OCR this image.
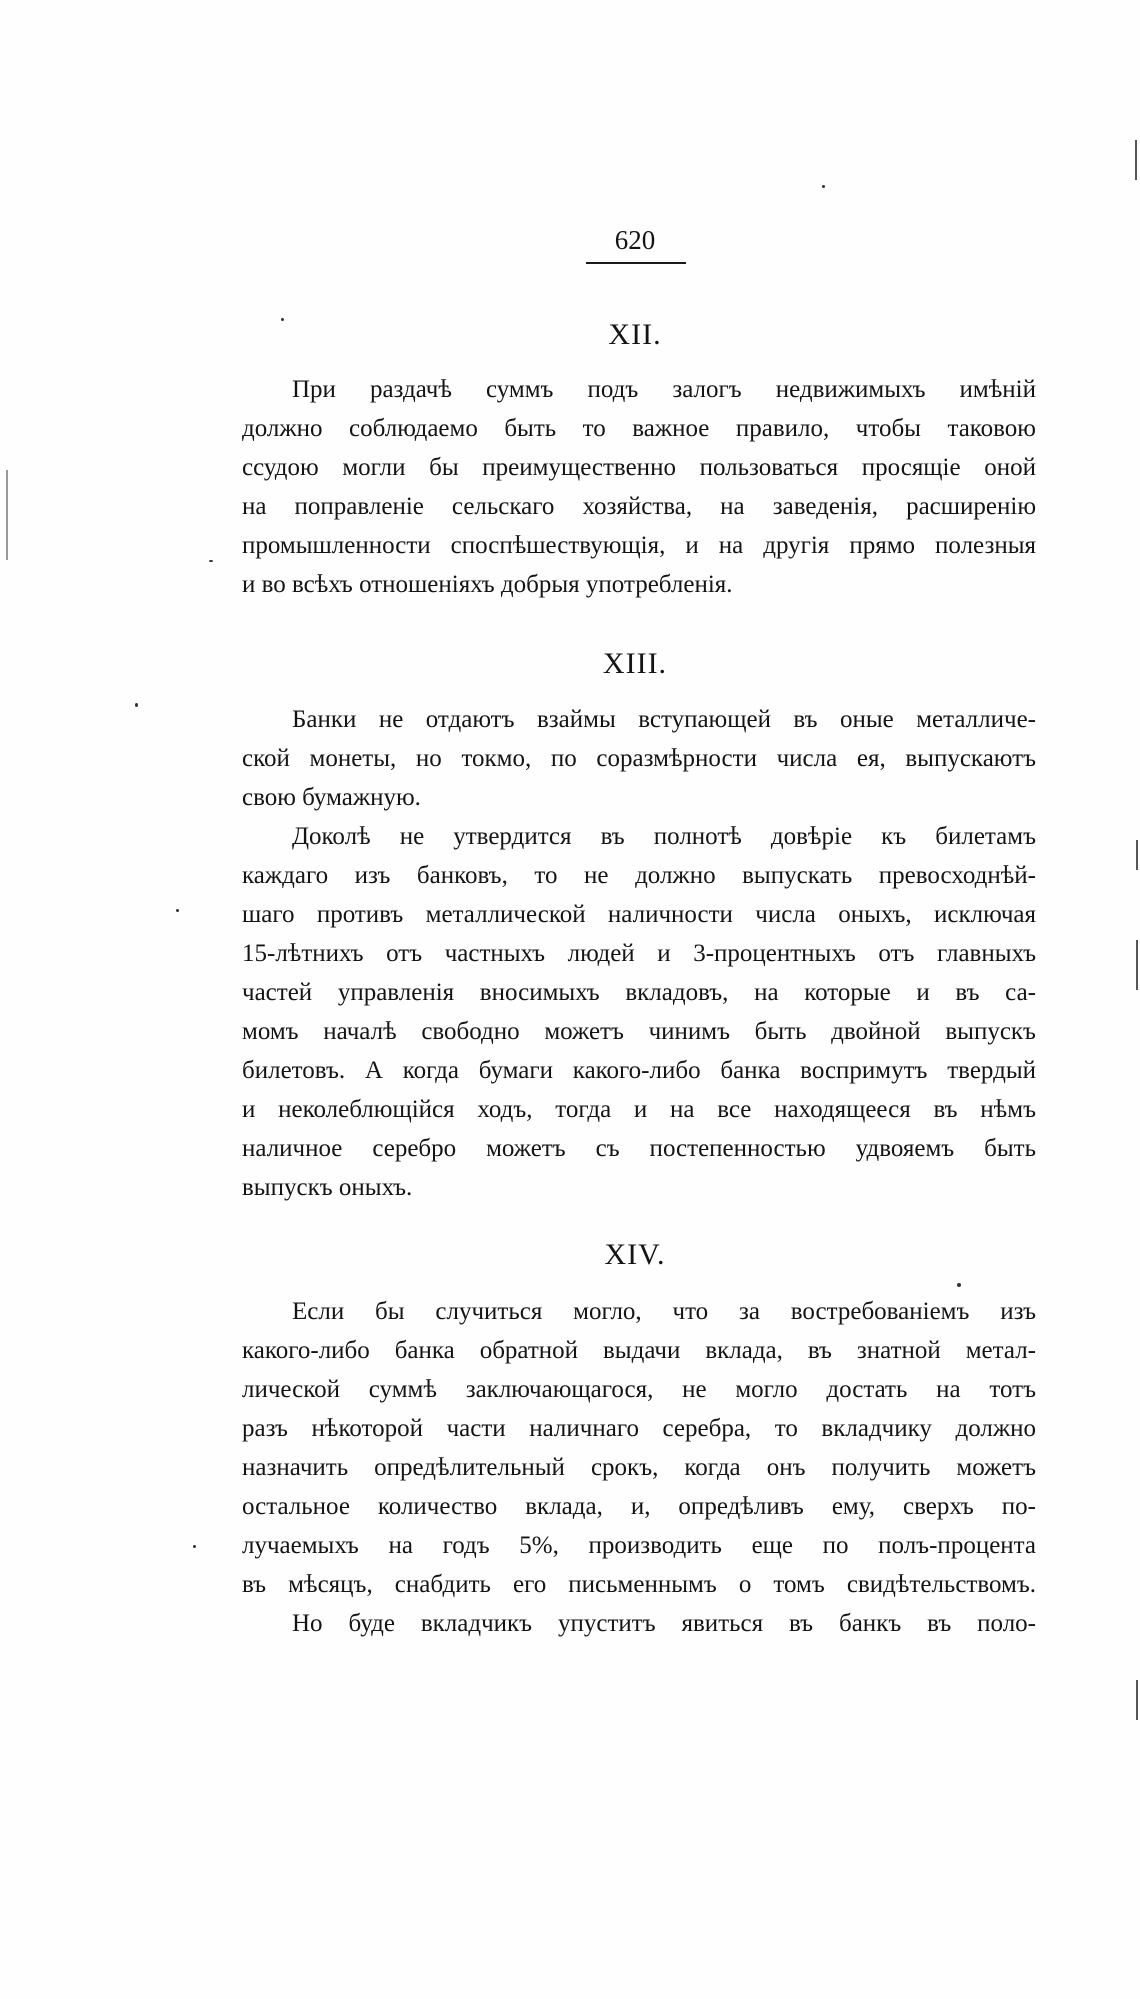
620
XII.

При раздачѣ суммъ подъ залогъ недвижимыхъ имѣній

должно соблюдаемо быть то важное правило, чтобы таковою

ссудою могли бы преимущественно пользоваться просящіе оной

на поправленіе сельскаго хозяйства, на заведенія, расширенію

промышленности споспѣшествующія, и на другія прямо полезныя

и во всѣхъ отношеніяхъ добрыя употребленія.

XIII.

Банки не отдаютъ взаймы вступающей въ оные металличе-

ской монеты, но токмо, по соразмѣрности числа ея, выпускаютъ

свою бумажную.

Доколѣ не утвердится въ полнотѣ довѣріе къ билетамъ

каждаго изъ банковъ, то не должно выпускать превосходнѣй-

шаго противъ металлической наличности числа оныхъ, исключая

15-лѣтнихъ отъ частныхъ людей и 3-процентныхъ отъ главныхъ

частей управленія вносимыхъ вкладовъ, на которые и въ са-

момъ началѣ свободно можетъ чинимъ быть двойной выпускъ

билетовъ. А когда бумаги какого-либо банка воспримутъ твердый

и неколеблющійся ходъ, тогда и на все находящееся въ нѣмъ

наличное серебро можетъ съ постепенностью удвояемъ быть

выпускъ оныхъ.

XIV.

Если бы случиться могло, что за востребованіемъ изъ

какого-либо банка обратной выдачи вклада, въ знатной метал-

лической суммѣ заключающагося, не могло достать на тотъ

разъ нѣкоторой части наличнаго серебра, то вкладчику должно

назначить опредѣлительный срокъ, когда онъ получить можетъ

остальное количество вклада, и, опредѣливъ ему, сверхъ по-

лучаемыхъ на годъ 5%, производить еще по полъ-процента

въ мѣсяцъ, снабдить его письменнымъ о томъ свидѣтельствомъ.

Но буде вкладчикъ упуститъ явиться въ банкъ въ поло-
